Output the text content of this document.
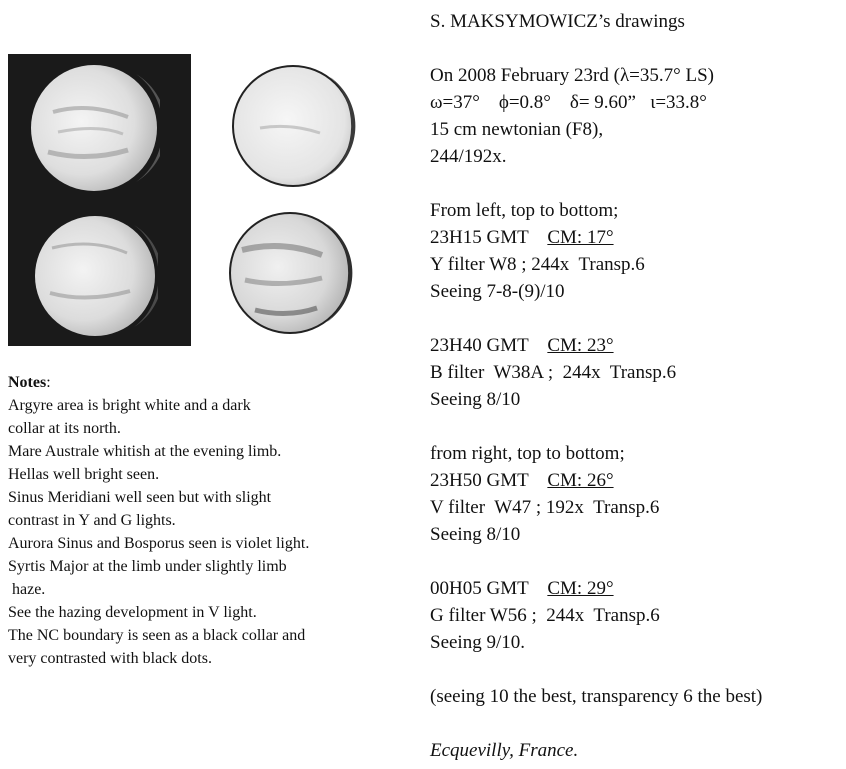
S. MAKSYMOWICZ’s drawings
On 2008 February 23rd (λ=35.7° LS)
ω=37°    ϕ=0.8°    δ= 9.60”   ι=33.8°
15 cm newtonian (F8),
244/192x.
From left, top to bottom;
23H15 GMT CM: 17°
Y filter W8 ; 244x  Transp.6
Seeing 7-8-(9)/10
23H40 GMT CM: 23°
B filter  W38A ;  244x  Transp.6
Seeing 8/10
from right, top to bottom;
23H50 GMT CM: 26°
V filter  W47 ; 192x  Transp.6
Seeing 8/10
00H05 GMT CM: 29°
G filter W56 ;  244x  Transp.6
Seeing 9/10.
(seeing 10 the best, transparency 6 the best)
Ecquevilly, France.
Notes:
Argyre area is bright white and a dark
collar at its north.
Mare Australe whitish at the evening limb.
Hellas well bright seen.
Sinus Meridiani well seen but with slight
contrast in Y and G lights.
Aurora Sinus and Bosporus seen is violet light.
Syrtis Major at the limb under slightly limb
haze.
See the hazing development in V light.
The NC boundary is seen as a black collar and
very contrasted with black dots.
